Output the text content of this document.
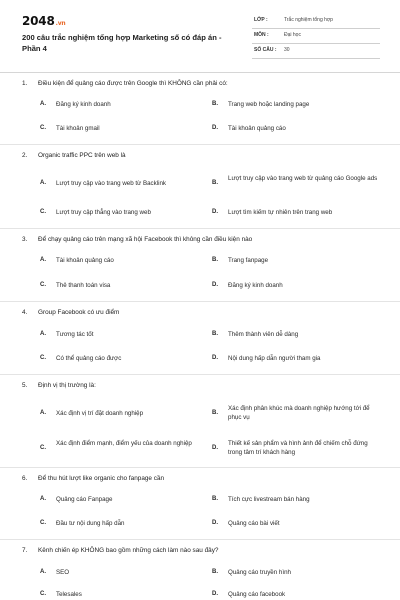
2048.vn
200 câu trắc nghiệm tổng hợp Marketing số có đáp án - Phần 4
LỚP :	Trắc nghiệm tổng hợp
MÔN :	Đại học
SỐ CÂU : 30
1. Điều kiện để quảng cáo được trên Google thì KHÔNG cần phải có:
A. Đăng ký kinh doanh	B. Trang web hoặc landing page
C. Tài khoản gmail	D. Tài khoản quảng cáo
2. Organic traffic PPC trên web là
A. Lượt truy cập vào trang web từ Backlink	B.
Lượt truy cập vào trang web từ quảng cáo Google ads
C. Lượt truy cập thẳng vào trang web	D. Lượt tìm kiếm tự nhiên trên trang web
3. Để chạy quảng cáo trên mạng xã hội Facebook thì không cần điều kiện nào
A. Tài khoản quảng cáo	B. Trang fanpage
C. Thẻ thanh toán visa	D. Đăng ký kinh doanh
4. Group Facebook có ưu điểm
A. Tương tác tốt	B. Thêm thành viên dễ dàng
C. Có thể quảng cáo được	D. Nội dung hấp dẫn người tham gia
5. Định vị thị trường là:
A. Xác định vị trí đặt doanh nghiệp	B.
Xác định phân khúc mà doanh nghiệp hướng tới để phục vụ
C.
Xác định điểm mạnh, điểm yếu của doanh nghiệp
D.
Thiết kế sản phẩm và hình ảnh để chiếm chỗ đứng trong tâm trí khách hàng
6. Để thu hút lượt like organic cho fanpage cần
A. Quảng cáo Fanpage	B. Tích cực livestream bán hàng
C. Đầu tư nội dung hấp dẫn	D. Quảng cáo bài viết
7. Kênh chiến ép KHÔNG bao gồm những cách làm nào sau đây?
A. SEO	B. Quảng cáo truyền hình
C. Telesales	D. Quảng cáo facebook
